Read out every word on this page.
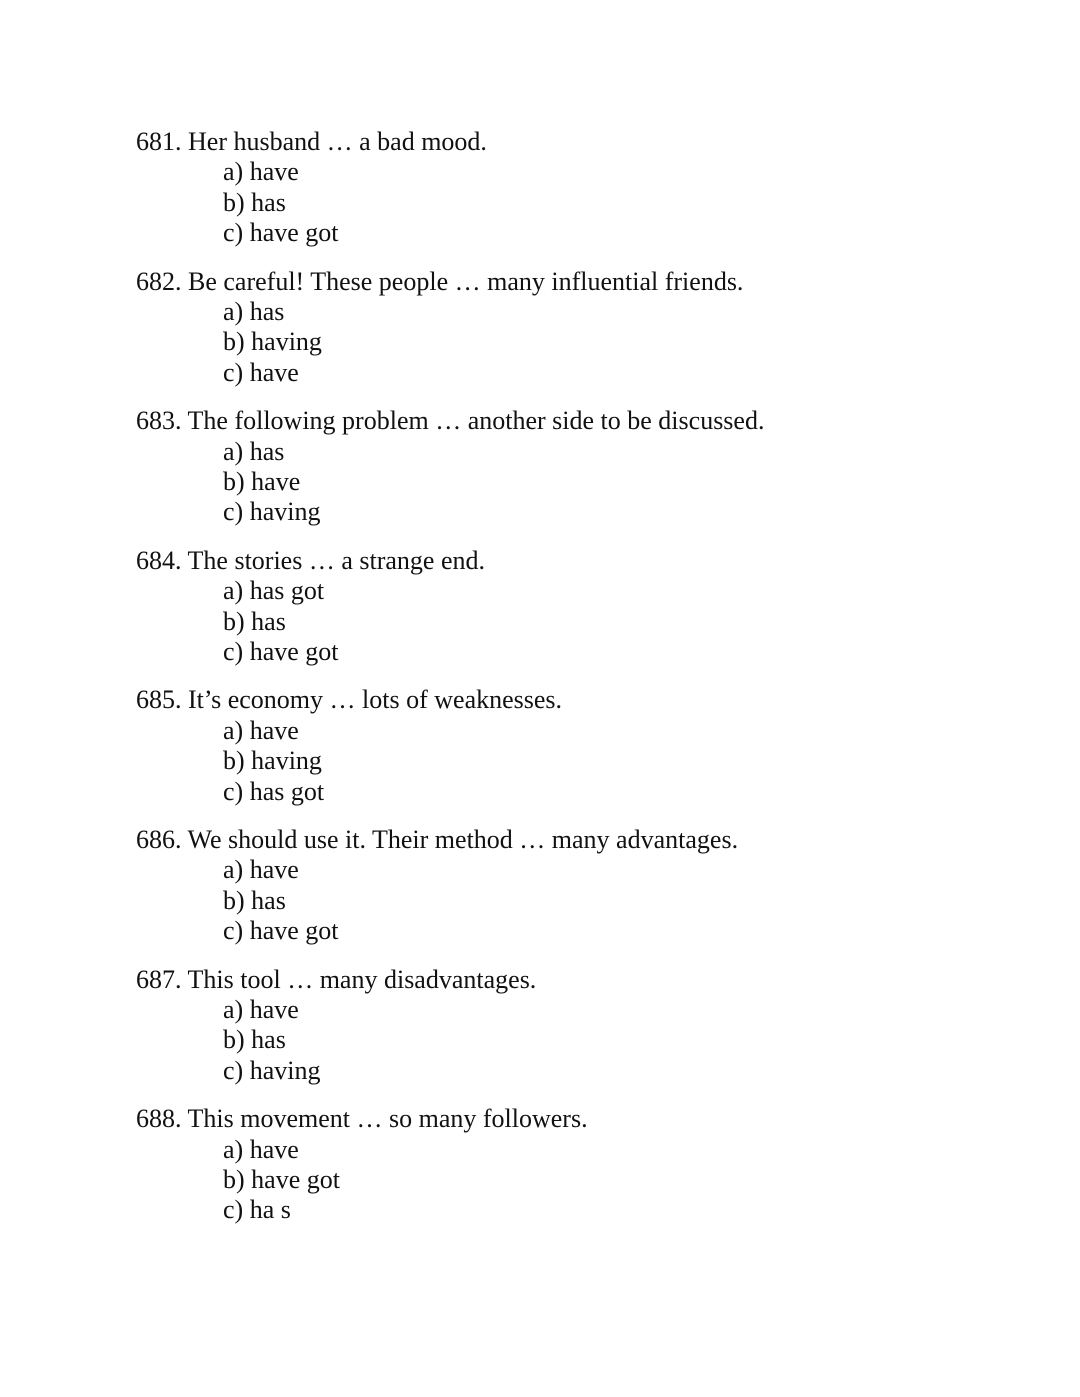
681. Her husband … a bad mood.
a) have
b) has
c) have got
682. Be careful! These people … many influential friends.
a) has
b) having
c) have
683. The following problem … another side to be discussed.
a) has
b) have
c) having
684. The stories … a strange end.
a) has got
b) has
c) have got
685. It’s economy … lots of weaknesses.
a) have
b) having
c) has got
686. We should use it. Their method … many advantages.
a) have
b) has
c) have got
687. This tool … many disadvantages.
a) have
b) has
c) having
688. This movement … so many followers.
a) have
b) have got
c) ha s
